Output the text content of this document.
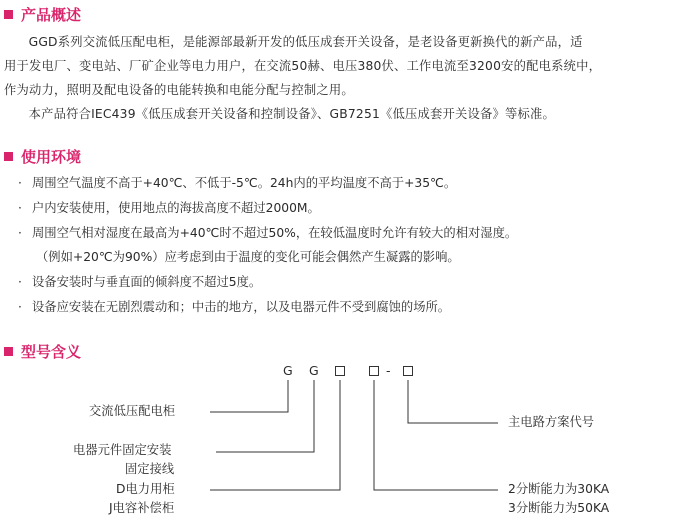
产品概述
GGD系列交流低压配电柜，是能源部最新开发的低压成套开关设备，是老设备更新换代的新产品，适
用于发电厂、变电站、厂矿企业等电力用户，在交流50赫、电压380伏、工作电流至3200安的配电系统中，
作为动力，照明及配电设备的电能转换和电能分配与控制之用。
本产品符合IEC439《低压成套开关设备和控制设备》、GB7251《低压成套开关设备》等标准。
使用环境
· 周围空气温度不高于+40℃、不低于-5℃。24h内的平均温度不高于+35℃。
· 户内安装使用，使用地点的海拔高度不超过2000M。
· 周围空气相对湿度在最高为+40℃时不超过50%，在较低温度时允许有较大的相对湿度。
（例如+20℃为90%）应考虑到由于温度的变化可能会偶然产生凝露的影响。
· 设备安装时与垂直面的倾斜度不超过5度。
· 设备应安装在无剧烈震动和；中击的地方，以及电器元件不受到腐蚀的场所。
型号含义
G G	-
交流低压配电柜
电器元件固定安装
固定接线
D电力用柜
J电容补偿柜
主电路方案代号
2分断能力为30KA
3分断能力为50KA
